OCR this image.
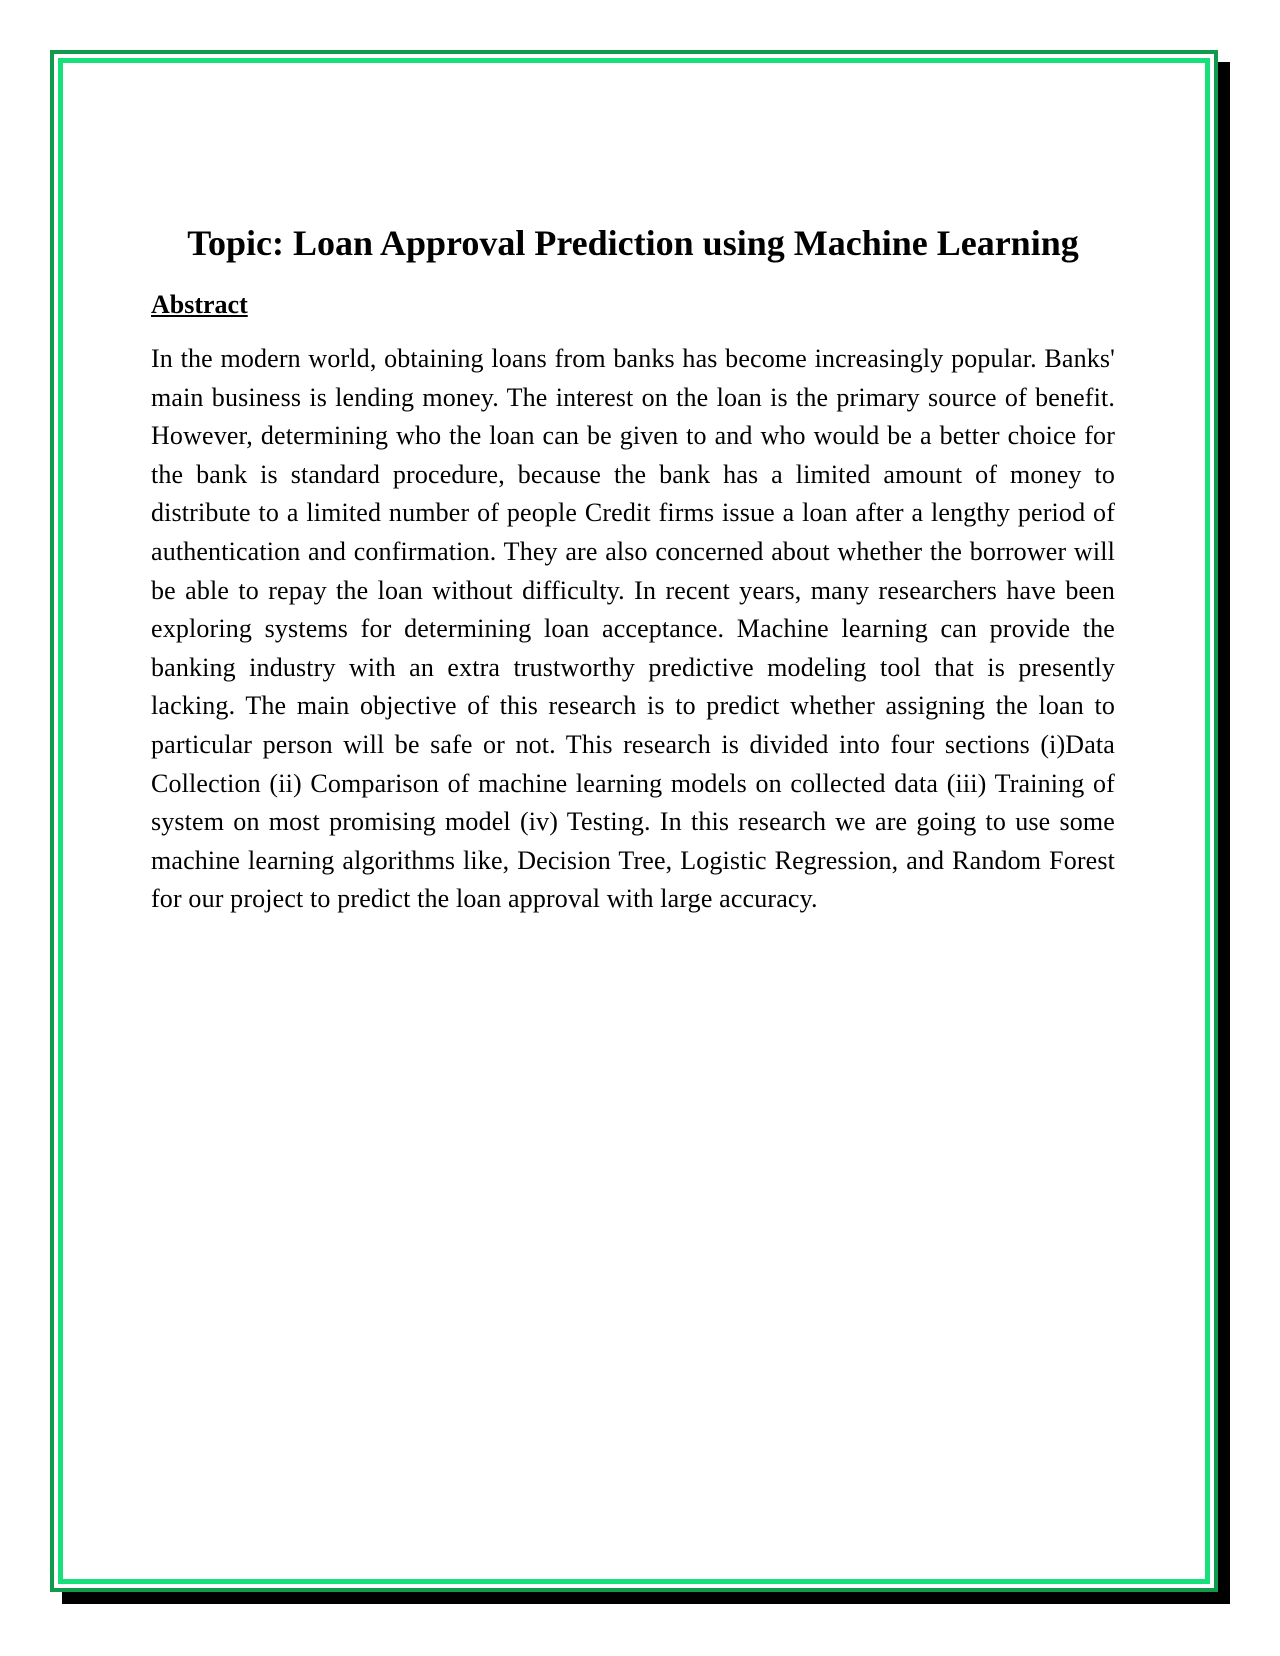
Topic: Loan Approval Prediction using Machine Learning
Abstract

In the modern world, obtaining loans from banks has become increasingly popular. Banks' main business is lending money. The interest on the loan is the primary source of benefit. However, determining who the loan can be given to and who would be a better choice for the bank is standard procedure, because the bank has a limited amount of money to distribute to a limited number of people Credit firms issue a loan after a lengthy period of authentication and confirmation. They are also concerned about whether the borrower will be able to repay the loan without difficulty. In recent years, many researchers have been exploring systems for determining loan acceptance. Machine learning can provide the banking industry with an extra trustworthy predictive modeling tool that is presently lacking. The main objective of this research is to predict whether assigning the loan to particular person will be safe or not. This research is divided into four sections (i)Data Collection (ii) Comparison of machine learning models on collected data (iii) Training of system on most promising model (iv) Testing. In this research we are going to use some machine learning algorithms like, Decision Tree, Logistic Regression, and Random Forest for our project to predict the loan approval with large accuracy.
